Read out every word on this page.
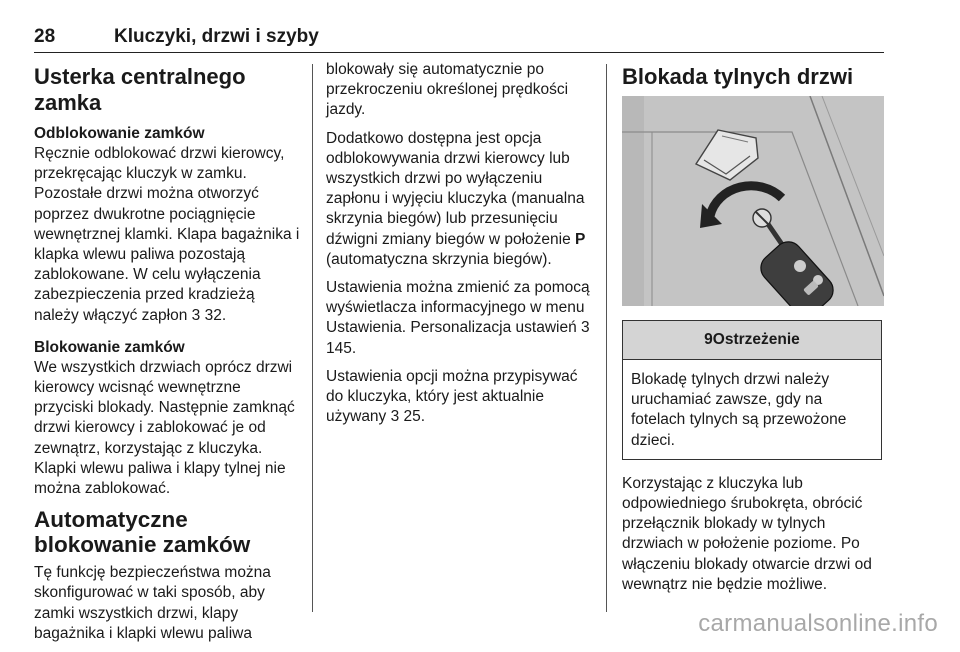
28	Kluczyki, drzwi i szyby
Usterka centralnego zamka
Odblokowanie zamków

Ręcznie odblokować drzwi kierowcy, przekręcając kluczyk w zamku. Pozostałe drzwi można otworzyć poprzez dwukrotne pociągnięcie wewnętrznej klamki. Klapa bagażnika i klapka wlewu paliwa pozostają zablokowane. W celu wyłączenia zabezpieczenia przed kradzieżą należy włączyć zapłon 3 32.

Blokowanie zamków

We wszystkich drzwiach oprócz drzwi kierowcy wcisnąć wewnętrzne przyciski blokady. Następnie zamknąć drzwi kierowcy i zablokować je od zewnątrz, korzystając z kluczyka. Klapki wlewu paliwa i klapy tylnej nie można zablokować.

Automatyczne blokowanie zamków

Tę funkcję bezpieczeństwa można skonfigurować w taki sposób, aby zamki wszystkich drzwi, klapy bagażnika i klapki wlewu paliwa

blokowały się automatycznie po przekroczeniu określonej prędkości jazdy.

Dodatkowo dostępna jest opcja odblokowywania drzwi kierowcy lub wszystkich drzwi po wyłączeniu zapłonu i wyjęciu kluczyka (manualna skrzynia biegów) lub przesunięciu dźwigni zmiany biegów w położenie P (automatyczna skrzynia biegów).

Ustawienia można zmienić za pomocą wyświetlacza informacyjnego w menu Ustawienia. Personalizacja ustawień 3 145.

Ustawienia opcji można przypisywać do kluczyka, który jest aktualnie używany 3 25.

Blokada tylnych drzwi
9Ostrzeżenie
Blokadę tylnych drzwi należy uruchamiać zawsze, gdy na fotelach tylnych są przewożone dzieci.

Korzystając z kluczyka lub odpowiedniego śrubokręta, obrócić przełącznik blokady w tylnych drzwiach w położenie poziome. Po włączeniu blokady otwarcie drzwi od wewnątrz nie będzie możliwe.

carmanualsonline.info
